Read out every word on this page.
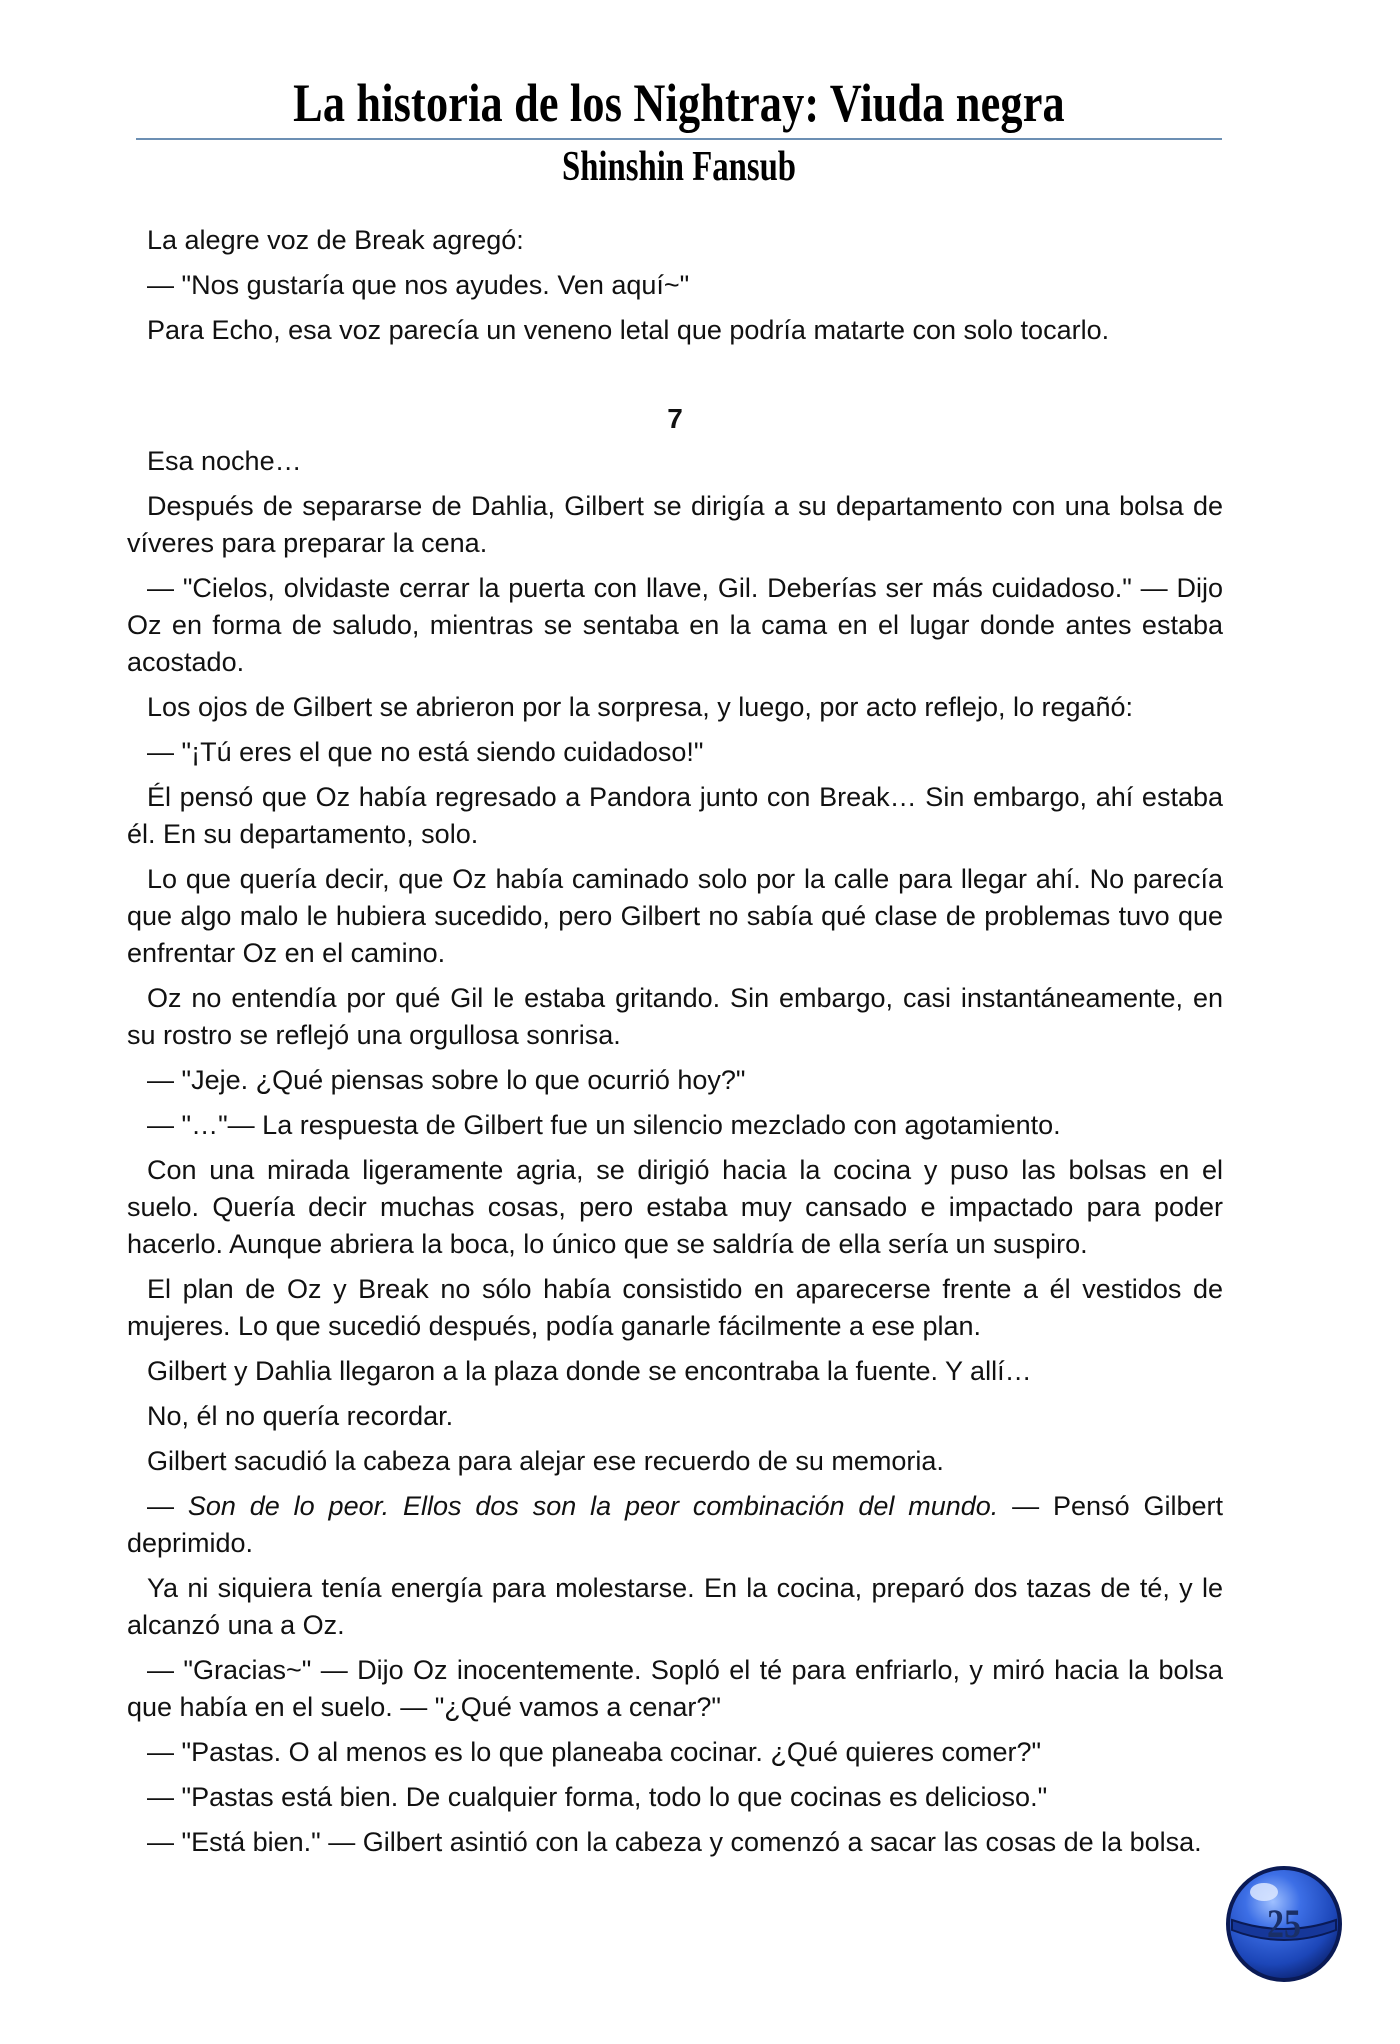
La historia de los Nightray: Viuda negra
Shinshin Fansub

La alegre voz de Break agregó:

— "Nos gustaría que nos ayudes. Ven aquí~"

Para Echo, esa voz parecía un veneno letal que podría matarte con solo tocarlo.

7

Esa noche…

Después de separarse de Dahlia, Gilbert se dirigía a su departamento con una bolsa de víveres para preparar la cena.

— "Cielos, olvidaste cerrar la puerta con llave, Gil. Deberías ser más cuidadoso." — Dijo Oz en forma de saludo, mientras se sentaba en la cama en el lugar donde antes estaba acostado.

Los ojos de Gilbert se abrieron por la sorpresa, y luego, por acto reflejo, lo regañó:

— "¡Tú eres el que no está siendo cuidadoso!"

Él pensó que Oz había regresado a Pandora junto con Break… Sin embargo, ahí estaba él. En su departamento, solo.

Lo que quería decir, que Oz había caminado solo por la calle para llegar ahí. No parecía que algo malo le hubiera sucedido, pero Gilbert no sabía qué clase de problemas tuvo que enfrentar Oz en el camino.

Oz no entendía por qué Gil le estaba gritando. Sin embargo, casi instantáneamente, en su rostro se reflejó una orgullosa sonrisa.

— "Jeje. ¿Qué piensas sobre lo que ocurrió hoy?"

— "…"— La respuesta de Gilbert fue un silencio mezclado con agotamiento.

Con una mirada ligeramente agria, se dirigió hacia la cocina y puso las bolsas en el suelo. Quería decir muchas cosas, pero estaba muy cansado e impactado para poder hacerlo. Aunque abriera la boca, lo único que se saldría de ella sería un suspiro.

El plan de Oz y Break no sólo había consistido en aparecerse frente a él vestidos de mujeres. Lo que sucedió después, podía ganarle fácilmente a ese plan.

Gilbert y Dahlia llegaron a la plaza donde se encontraba la fuente. Y allí…

No, él no quería recordar.

Gilbert sacudió la cabeza para alejar ese recuerdo de su memoria.

— Son de lo peor. Ellos dos son la peor combinación del mundo. — Pensó Gilbert deprimido.

Ya ni siquiera tenía energía para molestarse. En la cocina, preparó dos tazas de té, y le alcanzó una a Oz.

— "Gracias~" — Dijo Oz inocentemente. Sopló el té para enfriarlo, y miró hacia la bolsa que había en el suelo. — "¿Qué vamos a cenar?"

— "Pastas. O al menos es lo que planeaba cocinar. ¿Qué quieres comer?"

— "Pastas está bien. De cualquier forma, todo lo que cocinas es delicioso."

— "Está bien." — Gilbert asintió con la cabeza y comenzó a sacar las cosas de la bolsa.

25
